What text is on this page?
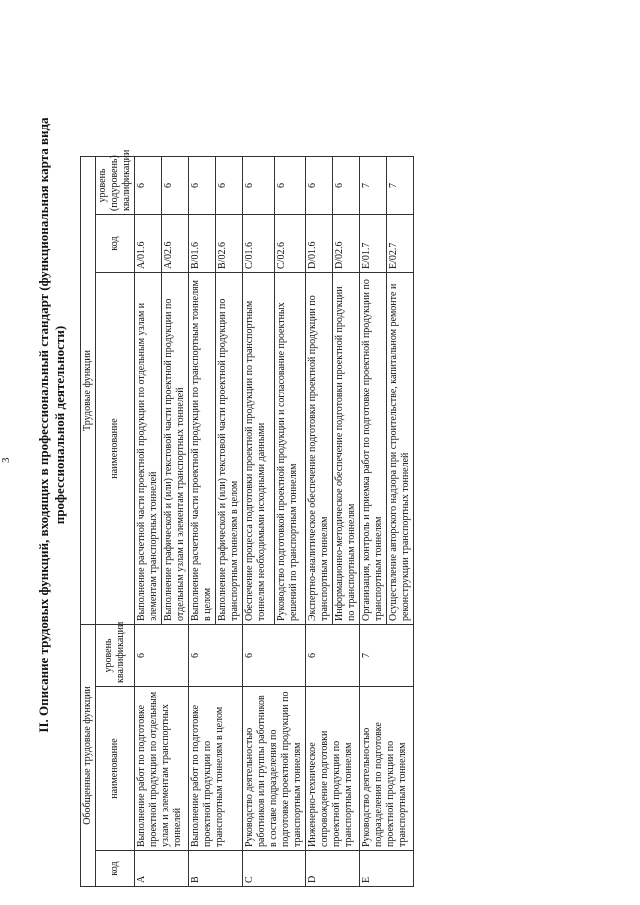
3 II. Описание трудовых функций, входящих в профессиональный стандарт (функциональная карта вида профессиональной деятельности)
Обобщенные трудовые функции			Трудовые функции			
код	наименование	уровень квалификации	наименование	код	уровень (подуровень) квалификации	
A	Выполнение работ по подготовке проектной продукции по отдельным узлам и элементам транспортных тоннелей	6	Выполнение расчетной части проектной продукции по отдельным узлам и элементам транспортных тоннелей	A/01.6	6	
			Выполнение графической и (или) текстовой части проектной продукции по отдельным узлам и элементам транспортных тоннелей	A/02.6	6	
B	Выполнение работ по подготовке проектной продукции по транспортным тоннелям в целом	6	Выполнение расчетной части проектной продукции по транспортным тоннелям в целом	B/01.6	6	
			Выполнение графической и (или) текстовой части проектной продукции по транспортным тоннелям в целом	B/02.6	6	
C	Руководство деятельностью работников или группы работников в составе подразделения по подготовке проектной продукции по транспортным тоннелям	6	Обеспечение процесса подготовки проектной продукции по транспортным тоннелям необходимыми исходными данными	C/01.6	6	
			Руководство подготовкой проектной продукции и согласование проектных решений по транспортным тоннелям	C/02.6	6	
D	Инженерно-техническое сопровождение подготовки проектной продукции по транспортным тоннелям	6	Экспертно-аналитическое обеспечение подготовки проектной продукции по транспортным тоннелям	D/01.6	6	
			Информационно-методическое обеспечение подготовки проектной продукции по транспортным тоннелям	D/02.6	6	
E	Руководство деятельностью подразделения по подготовке проектной продукции по транспортным тоннелям	7	Организация, контроль и приемка работ по подготовке проектной продукции по транспортным тоннелям	E/01.7	7	
			Осуществление авторского надзора при строительстве, капитальном ремонте и реконструкции транспортных тоннелей	E/02.7	7	
